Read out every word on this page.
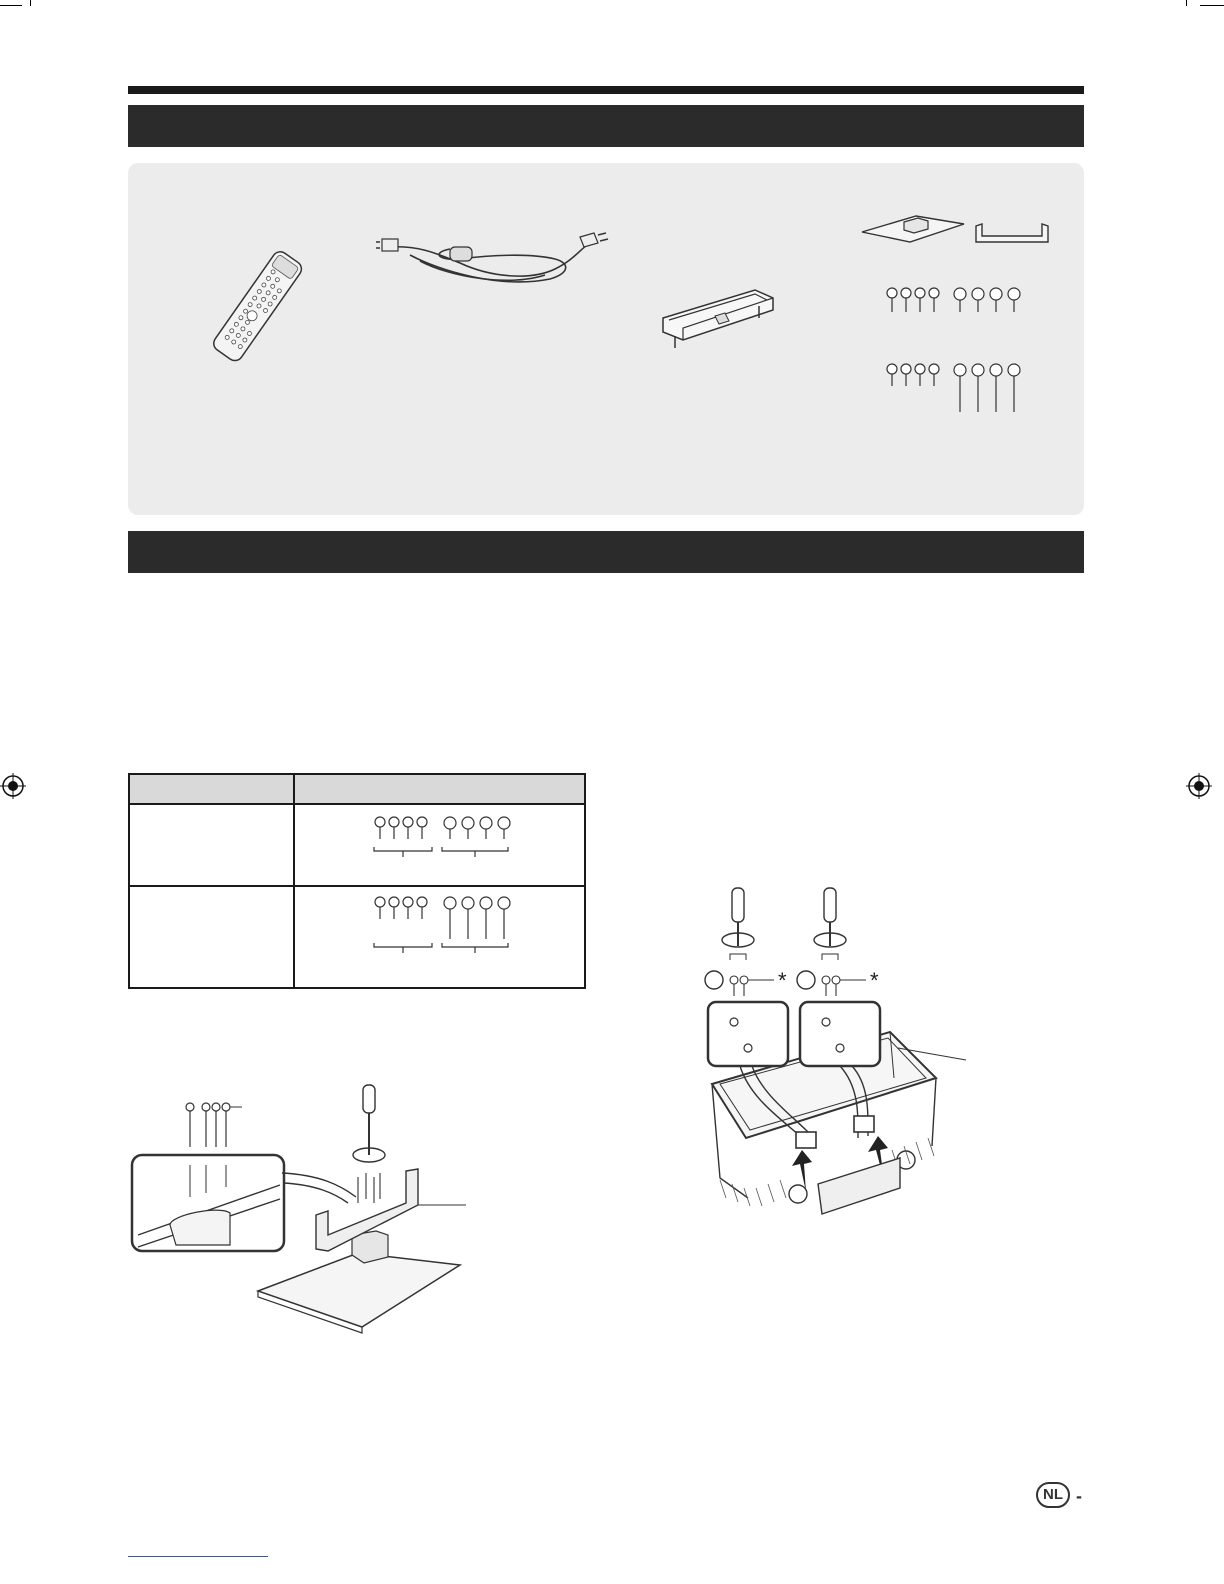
*	*
NL -
